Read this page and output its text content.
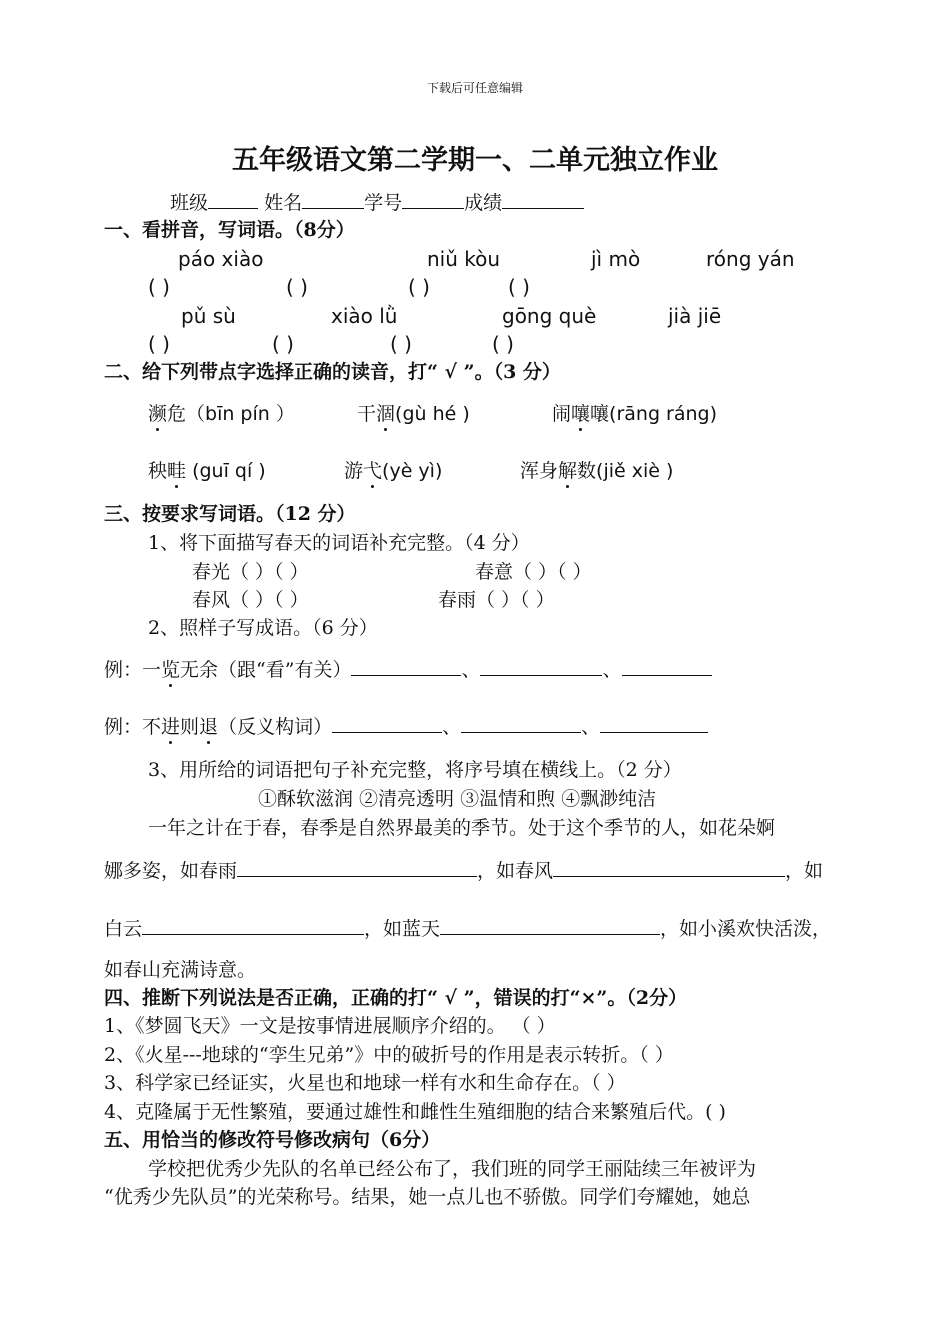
下载后可任意编辑
五年级语文第二学期一、二单元独立作业
班级	姓名	学号	成绩
一、看拼音，写词语。（8分）
páo xiào	niǔ kòu	jì mò	róng yán
( )	( )	( )	( )
pǔ sù	xiào lǜ	gōng què	jià jiē
( )	( )	( )	( )
二、给下列带点字选择正确的读音，打“ √ ”。（3 分）
濒危（bīn pín ）	干涸(gù hé )	闹嚷嚷(rāng ráng)
秧畦 (guī qí )	游弋(yè yì)	浑身解数(jiě xiè )
三、按要求写词语。（12 分）
1、将下面描写春天的词语补充完整。（4 分）
春光（ ）（ ）	春意（ ）（ ）
春风（ ）（ ）	春雨（ ）（ ）
2、照样子写成语。（6 分）
例：一览无余（跟“看”有关）	、	、
例：不进则退（反义构词）	、	、
3、用所给的词语把句子补充完整，将序号填在横线上。（2 分）
①酥软滋润 ②清亮透明 ③温情和煦 ④飘渺纯洁
一年之计在于春，春季是自然界最美的季节。处于这个季节的人，如花朵婀
娜多姿，如春雨	，如春风	，如
白云	，如蓝天	，如小溪欢快活泼，
如春山充满诗意。
四、推断下列说法是否正确，正确的打“ √ ”，错误的打“×”。（2分）
1、《梦圆飞天》一文是按事情进展顺序介绍的。 （ ）
2、《火星---地球的“孪生兄弟”》中的破折号的作用是表示转折。（ ）
3、科学家已经证实，火星也和地球一样有水和生命存在。（ ）
4、克隆属于无性繁殖，要通过雄性和雌性生殖细胞的结合来繁殖后代。( )
五、用恰当的修改符号修改病句（6分）
学校把优秀少先队的名单已经公布了，我们班的同学王丽陆续三年被评为
“优秀少先队员”的光荣称号。结果，她一点儿也不骄傲。同学们夸耀她，她总
